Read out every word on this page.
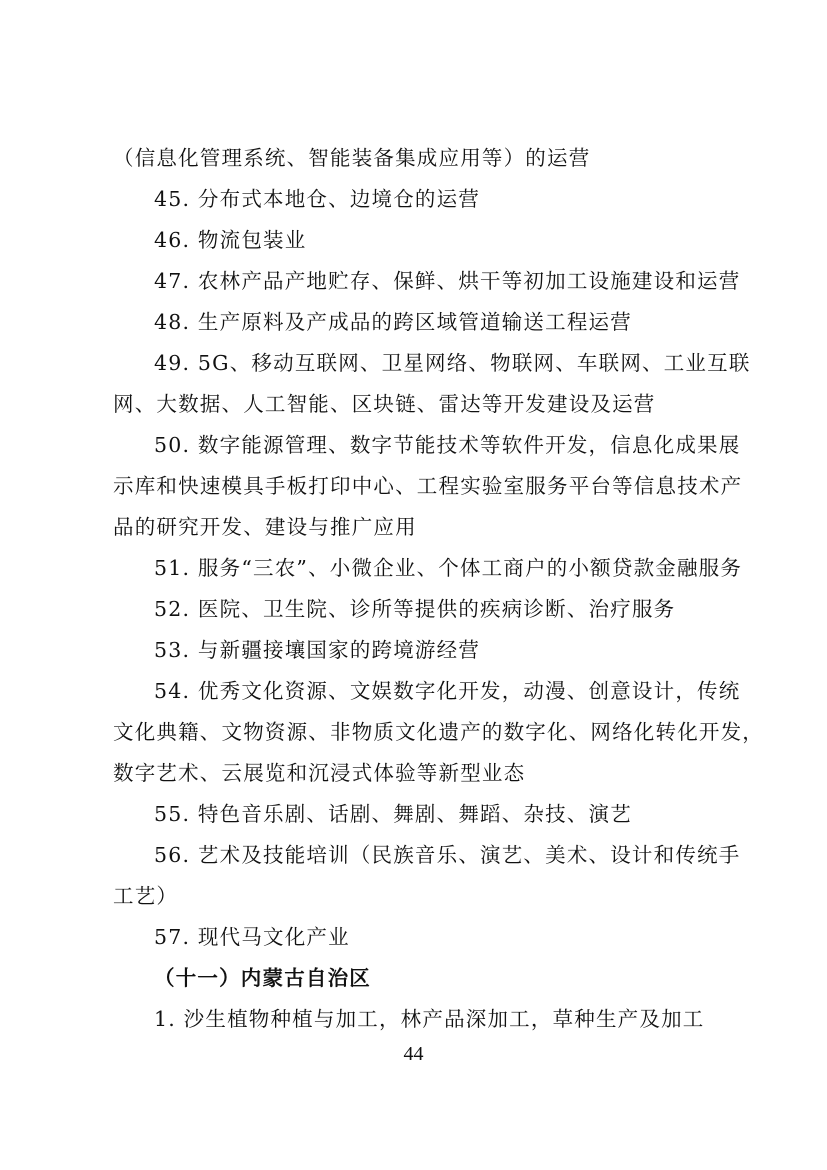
（信息化管理系统、智能装备集成应用等）的运营
45. 分布式本地仓、边境仓的运营
46. 物流包装业
47. 农林产品产地贮存、保鲜、烘干等初加工设施建设和运营
48. 生产原料及产成品的跨区域管道输送工程运营
49. 5G、移动互联网、卫星网络、物联网、车联网、工业互联
网、大数据、人工智能、区块链、雷达等开发建设及运营
50. 数字能源管理、数字节能技术等软件开发，信息化成果展
示库和快速模具手板打印中心、工程实验室服务平台等信息技术产
品的研究开发、建设与推广应用
51. 服务“三农”、小微企业、个体工商户的小额贷款金融服务
52. 医院、卫生院、诊所等提供的疾病诊断、治疗服务
53. 与新疆接壤国家的跨境游经营
54. 优秀文化资源、文娱数字化开发，动漫、创意设计，传统
文化典籍、文物资源、非物质文化遗产的数字化、网络化转化开发，
数字艺术、云展览和沉浸式体验等新型业态
55. 特色音乐剧、话剧、舞剧、舞蹈、杂技、演艺
56. 艺术及技能培训（民族音乐、演艺、美术、设计和传统手
工艺）
57. 现代马文化产业
（十一）内蒙古自治区
1. 沙生植物种植与加工，林产品深加工，草种生产及加工
44
